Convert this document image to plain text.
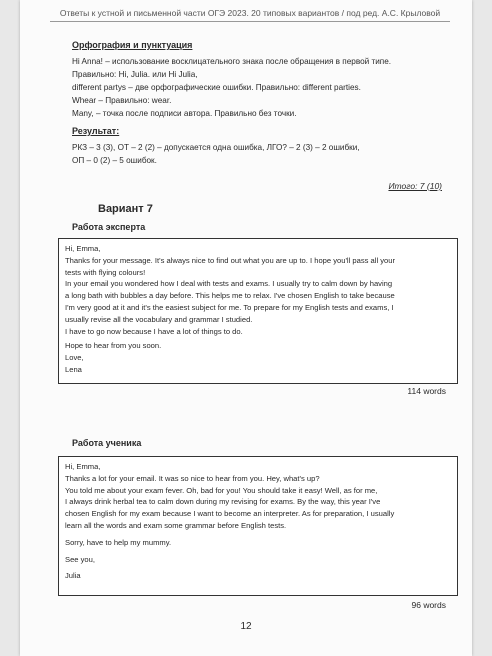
Ответы к устной и письменной части ОГЭ 2023. 20 типовых вариантов / под ред. А.С. Крыловой
Орфография и пунктуация
Hi Anna! – использование восклицательного знака после обращения в первой типе.
Правильно: Hi, Julia. или Hi Julia,
different partys – две орфографические ошибки. Правильно: different parties.
Whear – Правильно: wear.
Many, – точка после подписи автора. Правильно без точки.
Результат:
РКЗ – 3 (3), ОТ – 2 (2) – допускается одна ошибка, ЛГО? – 2 (3) – 2 ошибки,
ОП – 0 (2) – 5 ошибок.
Итого: 7 (10)
Вариант 7
Работа эксперта
Hi, Emma,
Thanks for your message. It's always nice to find out what you are up to. I hope you'll pass all your
tests with flying colours!
In your email you wondered how I deal with tests and exams. I usually try to calm down by having
a long bath with bubbles a day before. This helps me to relax. I've chosen English to take because
I'm very good at it and it's the easiest subject for me. To prepare for my English tests and exams, I
usually revise all the vocabulary and grammar I studied.
I have to go now because I have a lot of things to do.
Hope to hear from you soon.
Love,
Lena
114 words
Работа ученика
Hi, Emma,
Thanks a lot for your email. It was so nice to hear from you. Hey, what's up?
You told me about your exam fever. Oh, bad for you! You should take it easy! Well, as for me,
I always drink herbal tea to calm down during my revising for exams. By the way, this year I've
chosen English for my exam because I want to become an interpreter. As for preparation, I usually
learn all the words and exam some grammar before English tests.
Sorry, have to help my mummy.
See you,
Julia
96 words
12
